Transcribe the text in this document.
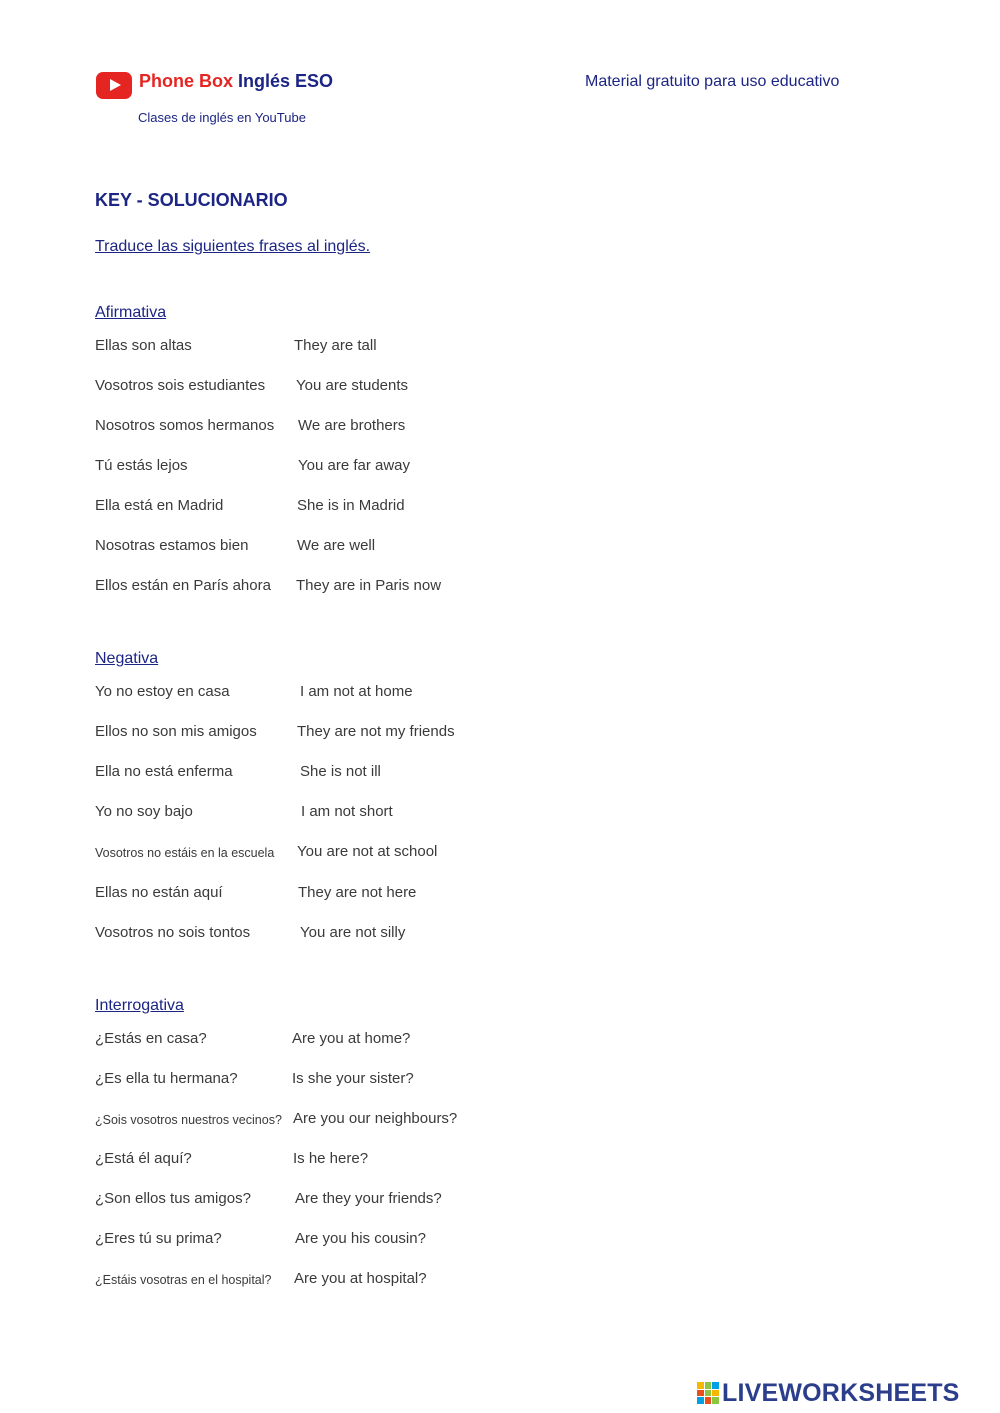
Phone Box Inglés ESO
Clases de inglés en YouTube
Material gratuito para uso educativo
KEY - SOLUCIONARIO
Traduce las siguientes frases al inglés.
Afirmativa
Ellas son altas	They are tall
Vosotros sois estudiantes You are students
Nosotros somos hermanos We are brothers
Tú estás lejos	You are far away
Ella está en Madrid	She is in Madrid
Nosotras estamos bien	We are well
Ellos están en París ahora They are in Paris now
Negativa
Yo no estoy en casa	I am not at home
Ellos no son mis amigos	They are not my friends
Ella no está enferma	She is not ill
Yo no soy bajo	I am not short
Vosotros no estáis en la escuela You are not at school
Ellas no están aquí	They are not here
Vosotros no sois tontos	You are not silly
Interrogativa
¿Estás en casa?	Are you at home?
¿Es ella tu hermana?	Is she your sister?
¿Sois vosotros nuestros vecinos? Are you our neighbours?
¿Está él aquí?	Is he here?
¿Son ellos tus amigos?	Are they your friends?
¿Eres tú su prima?	Are you his cousin?
¿Estáis vosotras en el hospital? Are you at hospital?
LIVEWORKSHEETS
